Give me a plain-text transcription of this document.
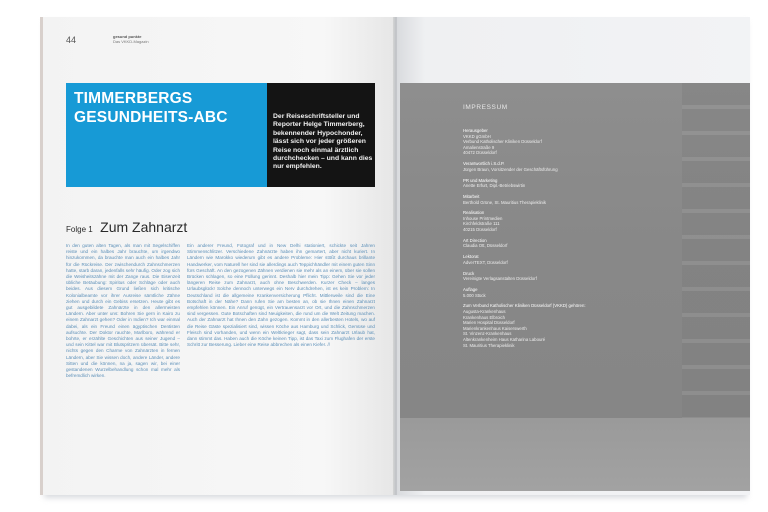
44	gesund punkte
Das VKKD-Magazin
TIMMERBERGS GESUNDHEITS-ABC	Der Reiseschriftsteller und Reporter Helge Timmerberg, bekennender Hypochonder, lässt sich vor jeder größeren Reise noch einmal ärztlich durchchecken – und kann dies nur empfehlen.
Folge 1 Zum Zahnarzt
In den guten alten Tagen, als man mit Segelschiffen reiste und ein halbes Jahr brauchte, um irgendwo hinzukommen, da brauchte man auch ein halbes Jahr für die Rückreise. Der zwischendurch Zahnschmerzen hatte, starb daran, jedenfalls sehr häufig. Oder zog sich die Weisheitszähne mit der Zange raus. Die Eisenzeit übliche Betäubung: Spiritus oder Schläge oder auch beides. Aus diesem Grund ließen sich kritische Kolonialbeamte vor ihrer Ausreise sämtliche Zähne ziehen und durch ein Gebiss ersetzen. Heute gibt es gut ausgebildete Zahnärzte in den allermeisten Ländern. Aber unter uns: Bohren Sie gern in Kairo zu einem Zahnarzt gehen? Oder in Indien? Ich war einmal dabei, als ein Freund einen ägyptischen Dentisten aufsuchte. Der Doktor rauchte, Marlboro, während er bohrte, er erzählte Geschichten aus seiner Jugend – und sein Kittel war mit Blutspritzern übersät. Bitte sehr, nichts gegen den Charme von Zahnärzten in fernen Ländern, aber Sie wissen doch, andere Länder, andere Sitten und die können, na ja, sagen wir, bei einer gestandenen Wurzelbehandlung schon mal mehr als befremdlich wirken.
Ein anderer Freund, Fotograf und in New Delhi stationiert, schickte seit Jahren Stimmenschlitzer. Verschiedene Zahnärzte haben ihn gemartert, aber nicht kuriert. In Ländern wie Marokko wiederum gibt es andere Probleme: Hier stößt durchaus brillante Handwerker, vom Naturell her sind sie allerdings auch Teppichhändler mit einem guten Sinn fürs Geschäft. An den gezogenen Zähnen verdienen sie mehr als an einem, über sie sollen Brücken schlagen, so eine Füllung gerinnt. Deshalb hier mein Tipp: Gehen Sie vor jeder längeren Reise zum Zahnarzt, auch ohne Beschwerden. Kurzer Check – langes Urlaubsglück! Solche dennoch unterwegs ein Nerv durchdrehen, ist es kein Problem: In Deutschland ist die allgemeine Krankenversicherung Pflicht. Mittlerweile sind die Eine Botschaft in der Nähe? Dann rufen Sie am besten an, ob sie Ihnen einen Zahnarzt empfehlen können. Ein Anruf genügt, ein Vertrauensarzt vor Ort, und die Zahnschmerzen sind vergessen. Gute Botschaften sind Neuigkeiten, die rund um die Welt Zeitung machen. Auch der Zahnarzt hat Ihnen den Zahn gezogen. Kommt in den allerbesten Hotels, wo auf die Reise Gäste spezialisiert sind, wissen Köche aus Hamburg und Schlick, Gemüse und Fleisch sind vorhanden, und wenn ein Weltkrieger sagt, dass sein Zahnarzt Urlaub hat, dann stimmt das. Haben auch die Köche keinen Tipp, ist das Taxi zum Flughafen der erste Schritt zur Besserung. Lieber eine Reise abbrechen als einen Kiefer. //
IMPRESSUM
Herausgeber
VKKD gGmbH
Verbund Katholischer Kliniken Düsseldorf
Amalienstraße 9
40472 Düsseldorf
Verantwortlich i.S.d.P.
Jürgen Braun, Vorsitzender der Geschäftsführung
PR und Marketing
Anette Erfurt, Dipl.-Betriebswirtin
Mitarbeit
Berthold Grüne, St. Mauritius Therapieklinik
Realisation
Inhouse Printmedien
Kirchfeldstraße 111
40215 Düsseldorf
Art Direction
Claudia Ott, Düsseldorf
Lektorat
AdverTEXT, Düsseldorf
Druck
Vereinigte Verlagsanstalten Düsseldorf
Auflage
5.000 Stück
Zum Verbund Katholischer Kliniken Düsseldorf (VKKD) gehören:
Augusta-Krankenhaus
Krankenhaus Elbroich
Marien Hospital Düsseldorf
Marienkrankenhaus Kaiserswerth
St. Vinzenz-Krankenhaus
Altenkrankenheim Haus Katharina Labouré
St. Mauritius Therapieklinik
